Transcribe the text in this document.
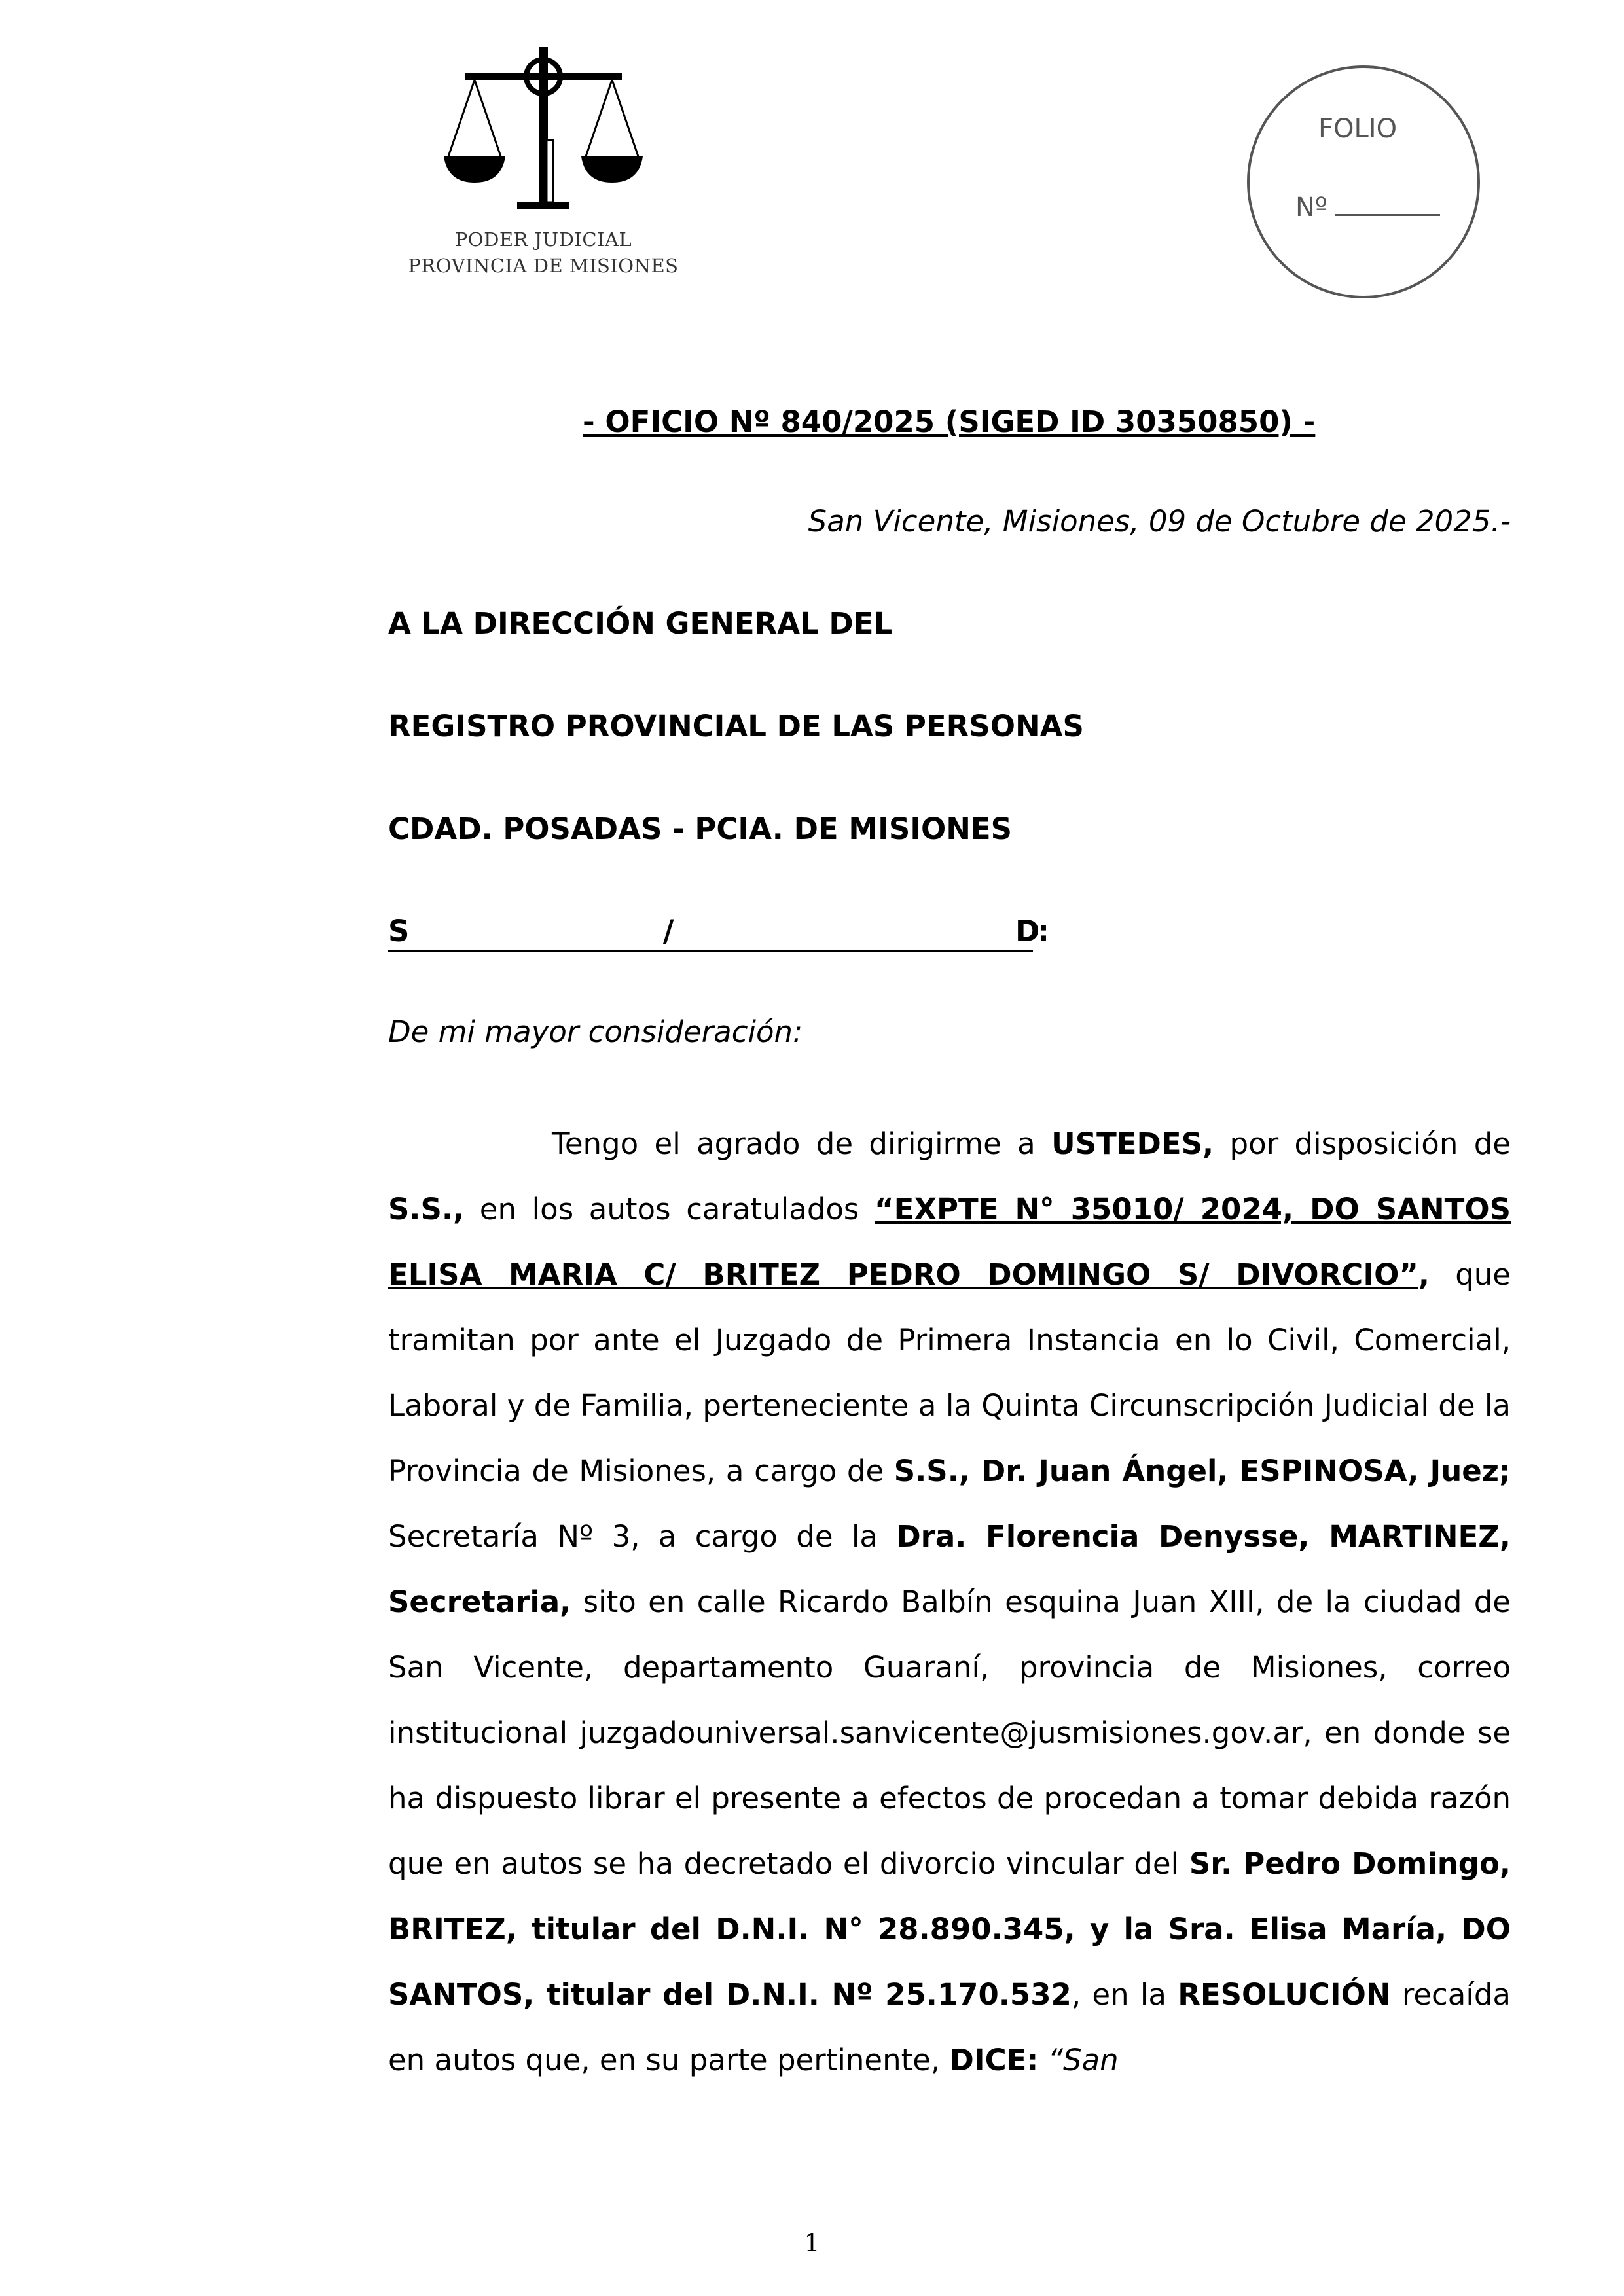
PODER JUDICIAL
PROVINCIA DE MISIONES
FOLIO
Nº
- OFICIO Nº 840/2025 (SIGED ID 30350850) -
San Vicente, Misiones, 09 de Octubre de 2025.-
A LA DIRECCIÓN GENERAL DEL
REGISTRO PROVINCIAL DE LAS PERSONAS
CDAD. POSADAS - PCIA. DE MISIONES
S	/	D
:
De mi mayor consideración:
Tengo el agrado de dirigirme a USTEDES, por disposición de S.S., en los autos caratulados “EXPTE N° 35010/ 2024, DO SANTOS ELISA MARIA C/ BRITEZ PEDRO DOMINGO S/ DIVORCIO”, que tramitan por ante el Juzgado de Primera Instancia en lo Civil, Comercial, Laboral y de Familia, perteneciente a la Quinta Circunscripción Judicial de la Provincia de Misiones, a cargo de S.S., Dr. Juan Ángel, ESPINOSA, Juez; Secretaría Nº 3, a cargo de la Dra. Florencia Denysse, MARTINEZ, Secretaria, sito en calle Ricardo Balbín esquina Juan XIII, de la ciudad de San Vicente, departamento Guaraní, provincia de Misiones, correo institucional juzgadouniversal.sanvicente@jusmisiones.gov.ar, en donde se ha dispuesto librar el presente a efectos de procedan a tomar debida razón que en autos se ha decretado el divorcio vincular del Sr. Pedro Domingo, BRITEZ, titular del D.N.I. N° 28.890.345, y la Sra. Elisa María, DO SANTOS, titular del D.N.I. Nº 25.170.532, en la RESOLUCIÓN recaída en autos que, en su parte pertinente, DICE: “San
1
